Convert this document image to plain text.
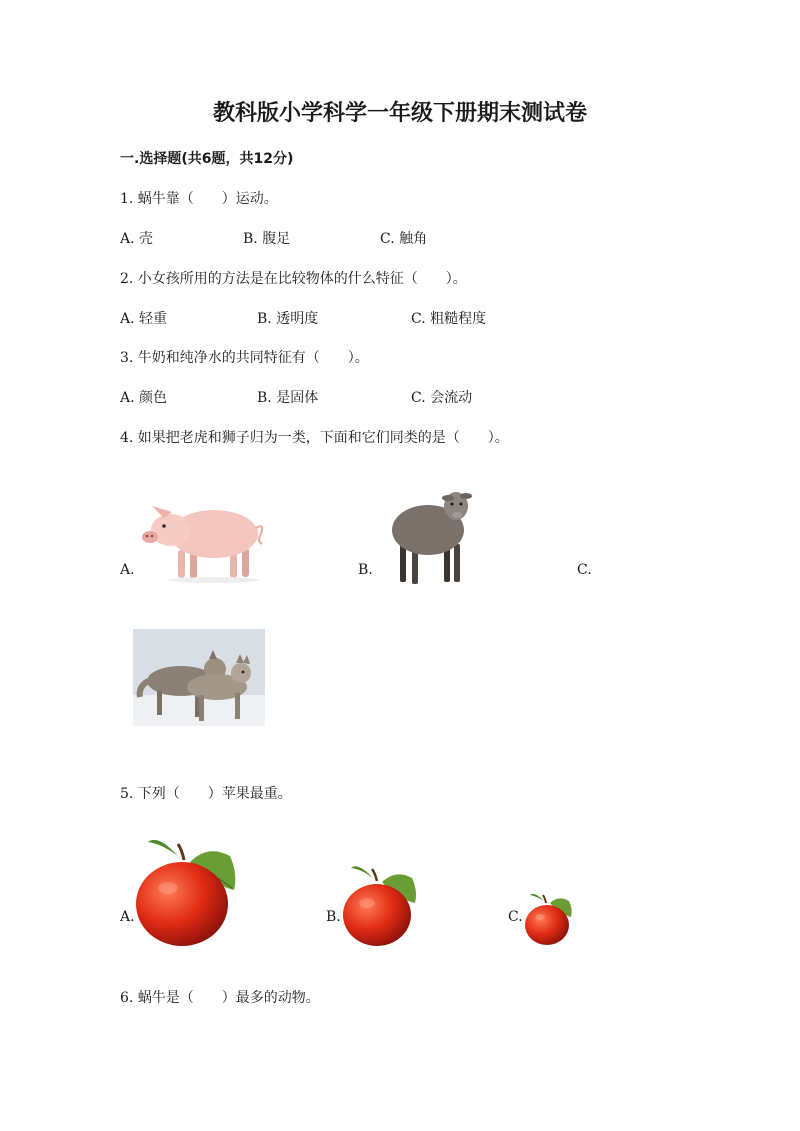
教科版小学科学一年级下册期末测试卷
一.选择题(共6题，共12分)
1. 蜗牛靠（　　）运动。
A. 壳	B. 腹足	C. 触角
2. 小女孩所用的方法是在比较物体的什么特征（　　）。
A. 轻重	B. 透明度	C. 粗糙程度
3. 牛奶和纯净水的共同特征有（　　）。
A. 颜色	B. 是固体	C. 会流动
4. 如果把老虎和狮子归为一类，下面和它们同类的是（　　）。
A.	B.	C.
5. 下列（　　）苹果最重。
A.	B.	C.
6. 蜗牛是（　　）最多的动物。
